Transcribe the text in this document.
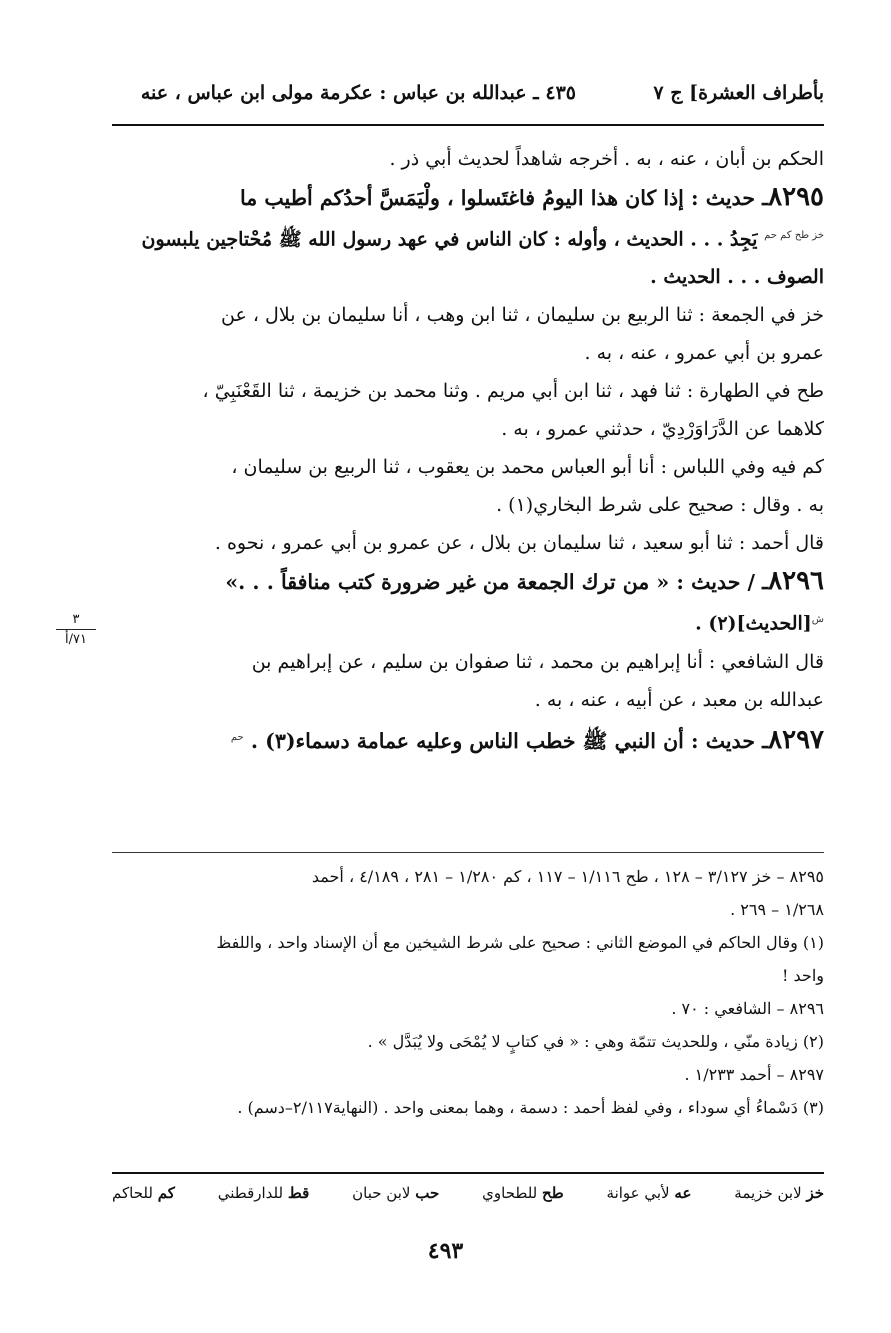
بأطراف العشرة] ج ٧
٤٣٥ ـ عبدالله بن عباس : عكرمة مولى ابن عباس ، عنه
الحكم بن أبان ، عنه ، به . أخرجه شاهداً لحديث أبي ذر .
٨٢٩٥ـ حديث : إذا كان هذا اليومُ فاغتَسلوا ، ولْيَمَسَّ أحدُكم أطيب ما
$^{خز طح كم حم}$ يَجِدُ . . . الحديث ، وأوله : كان الناس في عهد رسول الله ﷺ مُحْتاجين يلبسون
الصوف . . . الحديث .
خز في الجمعة : ثنا الربيع بن سليمان ، ثنا ابن وهب ، أنا سليمان بن بلال ، عن
عمرو بن أبي عمرو ، عنه ، به .
طح في الطهارة : ثنا فهد ، ثنا ابن أبي مريم . وثنا محمد بن خزيمة ، ثنا القَعْنَبِيّ ،
كلاهما عن الدَّرَاوَرْدِيّ ، حدثني عمرو ، به .
كم فيه وفي اللباس : أنا أبو العباس محمد بن يعقوب ، ثنا الربيع بن سليمان ،
به . وقال : صحيح على شرط البخاري(١) .
قال أحمد : ثنا أبو سعيد ، ثنا سليمان بن بلال ، عن عمرو بن أبي عمرو ، نحوه .
٨٢٩٦ـ / حديث : « من ترك الجمعة من غير ضرورة كتب منافقاً . . .»
$^ش$[الحديث](٢) .
قال الشافعي : أنا إبراهيم بن محمد ، ثنا صفوان بن سليم ، عن إبراهيم بن
عبدالله بن معبد ، عن أبيه ، عنه ، به .
٨٢٩٧ـ حديث : أن النبي ﷺ خطب الناس وعليه عمامة دسماء(٣) . $^{حم}$
٣
٧١/أ
٨٢٩٥ – خز ٣/١٢٧ – ١٢٨ ، طح ١/١١٦ – ١١٧ ، كم ١/٢٨٠ – ٢٨١ ، ٤/١٨٩ ، أحمد
١/٢٦٨ – ٢٦٩ .
(١) وقال الحاكم في الموضع الثاني : صحيح على شرط الشيخين مع أن الإسناد واحد ، واللفظ
واحد !
٨٢٩٦ – الشافعي : ٧٠ .
(٢) زيادة منّي ، وللحديث تتمّة وهي : « في كتابٍ لا يُمْحَى ولا يُبَدَّل » .
٨٢٩٧ – أحمد ١/٢٣٣ .
(٣) دَسْماءُ أي سوداء ، وفي لفظ أحمد : دسمة ، وهما بمعنى واحد . (النهاية٢/١١٧–دسم) .
خز لابن خزيمة
عه لأبي عوانة
طح للطحاوي
حب لابن حبان
قط للدارقطني
كم للحاكم
٤٩٣
